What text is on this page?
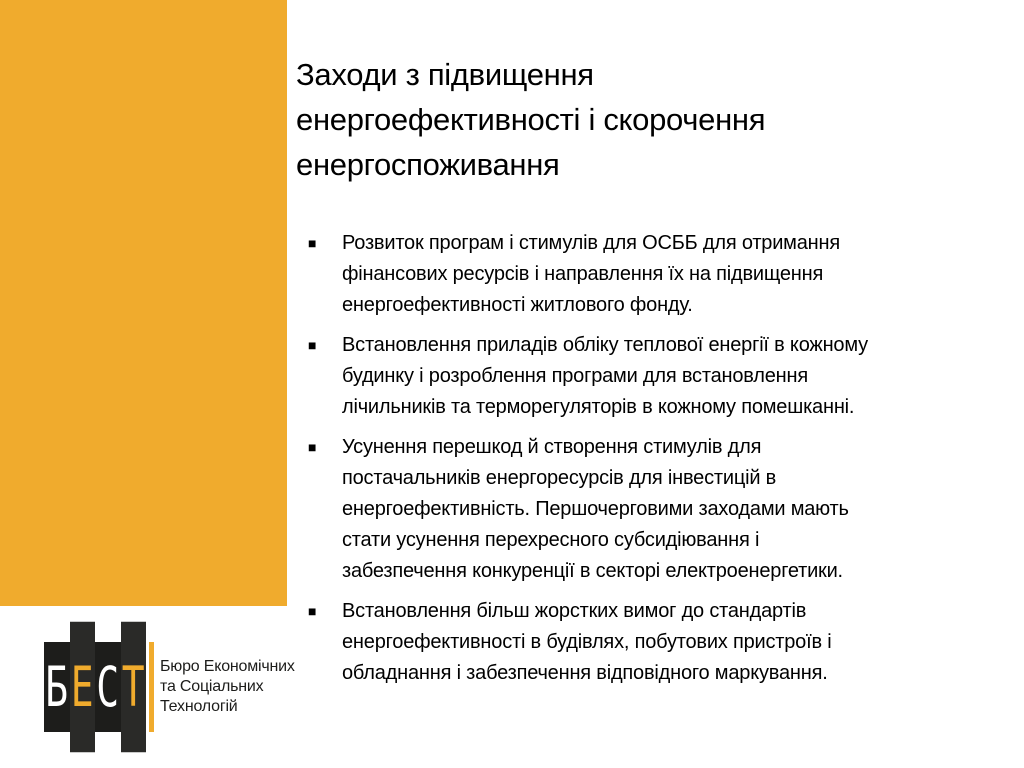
Заходи з підвищення
енергоефективності і скорочення
енергоспоживання
■	Розвиток програм і стимулів для ОСББ для отримання
фінансових ресурсів і направлення їх на підвищення
енергоефективності житлового фонду.
■	Встановлення приладів обліку теплової енергії в кожному
будинку і розроблення програми для встановлення
лічильників та терморегуляторів в кожному помешканні.
■	Усунення перешкод й створення стимулів для
постачальників енергоресурсів для інвестицій в
енергоефективність. Першочерговими заходами мають
стати усунення перехресного субсидіювання і
забезпечення конкуренції в секторі електроенергетики.
■	Встановлення більш жорстких вимог до стандартів
енергоефективності в будівлях, побутових пристроїв і
обладнання і забезпечення відповідного маркування.
Б Е С Т Бюро Економічних
та Соціальних
Технологій
